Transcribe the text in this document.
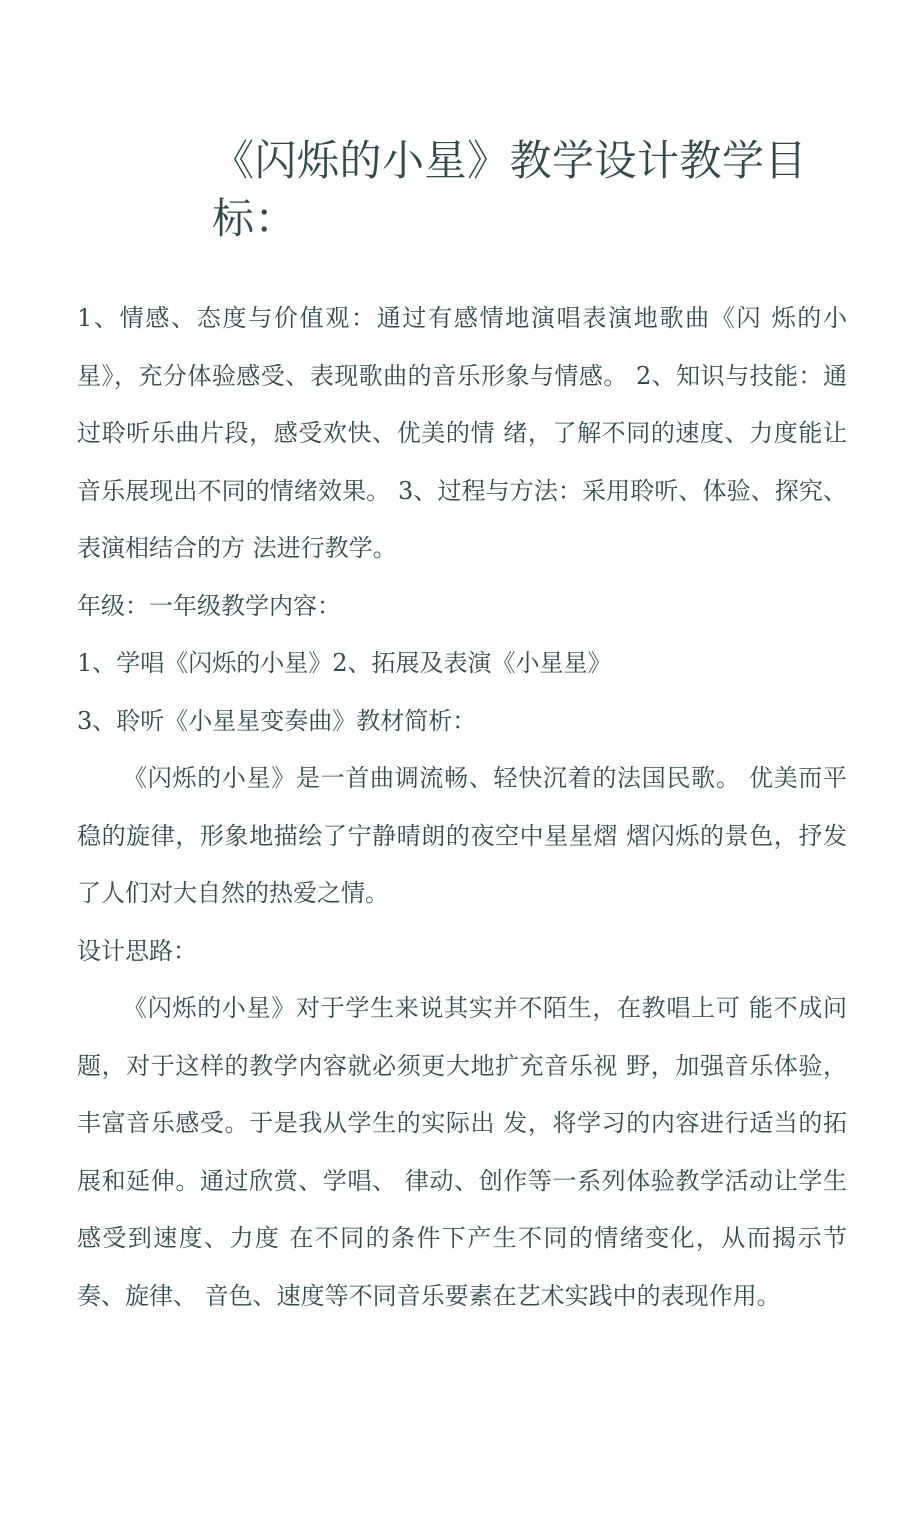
《闪烁的小星》教学设计教学目标：

1、情感、态度与价值观：通过有感情地演唱表演地歌曲《闪 烁的小星》，充分体验感受、表现歌曲的音乐形象与情感。 2、知识与技能：通过聆听乐曲片段，感受欢快、优美的情 绪，了解不同的速度、力度能让音乐展现出不同的情绪效果。 3、过程与方法：采用聆听、体验、探究、表演相结合的方 法进行教学。

年级：一年级教学内容：

1、学唱《闪烁的小星》2、拓展及表演《小星星》

3、聆听《小星星变奏曲》教材简析：

《闪烁的小星》是一首曲调流畅、轻快沉着的法国民歌。 优美而平稳的旋律，形象地描绘了宁静晴朗的夜空中星星熠 熠闪烁的景色，抒发了人们对大自然的热爱之情。

设计思路：

《闪烁的小星》对于学生来说其实并不陌生，在教唱上可 能不成问题，对于这样的教学内容就必须更大地扩充音乐视 野，加强音乐体验，丰富音乐感受。于是我从学生的实际出 发，将学习的内容进行适当的拓展和延伸。通过欣赏、学唱、 律动、创作等一系列体验教学活动让学生感受到速度、力度 在不同的条件下产生不同的情绪变化，从而揭示节奏、旋律、 音色、速度等不同音乐要素在艺术实践中的表现作用。
